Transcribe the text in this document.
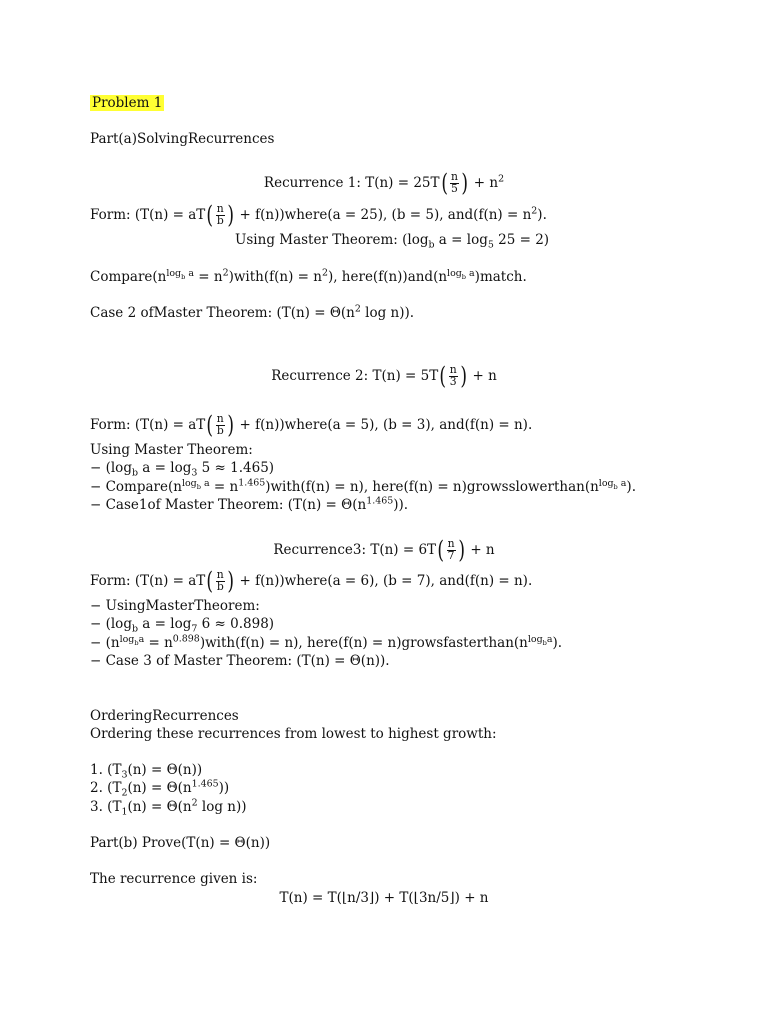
Problem 1
Part(a)SolvingRecurrences
Recurrence 1: $T(n) = 25T( \frac{n}{5}$ ) + $n^2$
Form: ($T(n) = aT( \frac{n}{b}$ ) + f(n))where(a = 25), (b = 5), $and(f(n) = n^2)$.
Using Master Theorem: ($\log_b$ $a = \log_5 25 = 2$)
$Compare(n^{log_b a}$ = $n^2)with(f(n) = n^2)$, $here(f(n))and(n^{log_b a})match$.
Case 2 ofMaster Theorem: ($T(n) = \Theta(n^2$ log n)).
Recurrence 2: $T(n) = 5T( \frac{n}{3}$ ) + n
Form: ($T(n) = aT( \frac{n}{b}$ ) + f(n))where(a = 5), (b = 3), and(f(n) = n).
Using Master Theorem:
− ($\log_b$ $a = \log_3 5 \approx 1.465$)
− $Compare(n^{log_b a}$ = $n^{1.465})with(f(n) = n)$, here(f(n) = $n)growsslowerthan(n^{log_b a})$.
− Case1of Master Theorem: $(T(n) = \Theta(n^{1.465}))$.
Recurrence3: $T(n) = 6T( \frac{n}{7}$ ) + n
Form: ($T(n) = aT( \frac{n}{b}$ ) + f(n))where(a = 6), (b = 7), and(f(n) = n).
− UsingMasterTheorem:
− ($\log_b$ $a = \log_7 6 \approx 0.898$)
− ($n^{log_ba}$ = $n^{0.898})with(f(n) = n)$, here(f(n) = $n)growsfasterthan(n^{log_ba})$.
− Case 3 of Master Theorem: (T(n) = Θ(n)).
OrderingRecurrences
Ordering these recurrences from lowest to highest growth:
1. $(T_3(n) = \Theta(n))$
2. $(T_2(n) = \Theta(n^{1.465}))$
3. ($T_1(n) = \Theta(n^2$ log n))
Part(b) Prove(T(n) = Θ(n))
The recurrence given is:
T(n) = T(⌊n/3⌋) + T(⌊3n/5⌋) + n
